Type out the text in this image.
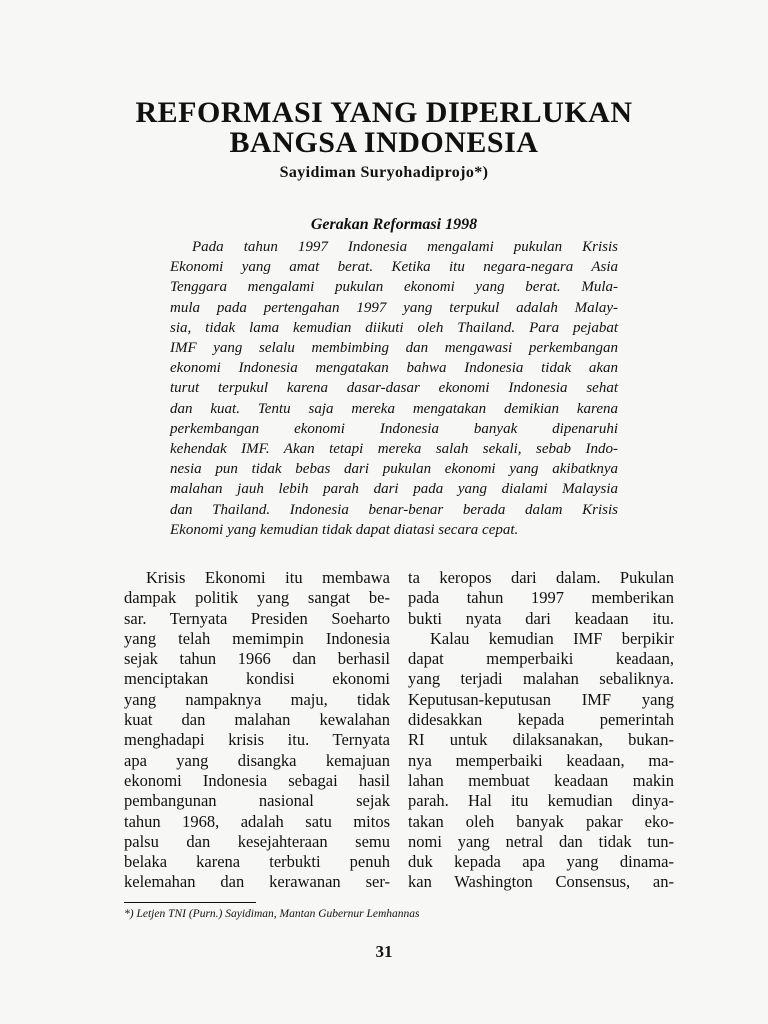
REFORMASI YANG DIPERLUKAN
BANGSA INDONESIA
Sayidiman Suryohadiprojo*)
Gerakan Reformasi 1998
Pada tahun 1997 Indonesia mengalami pukulan Krisis
Ekonomi yang amat berat. Ketika itu negara-negara Asia
Tenggara mengalami pukulan ekonomi yang berat. Mula-
mula pada pertengahan 1997 yang terpukul adalah Malay-
sia, tidak lama kemudian diikuti oleh Thailand. Para pejabat
IMF yang selalu membimbing dan mengawasi perkembangan
ekonomi Indonesia mengatakan bahwa Indonesia tidak akan
turut terpukul karena dasar-dasar ekonomi Indonesia sehat
dan kuat. Tentu saja mereka mengatakan demikian karena
perkembangan ekonomi Indonesia banyak dipenaruhi
kehendak IMF. Akan tetapi mereka salah sekali, sebab Indo-
nesia pun tidak bebas dari pukulan ekonomi yang akibatknya
malahan jauh lebih parah dari pada yang dialami Malaysia
dan Thailand. Indonesia benar-benar berada dalam Krisis
Ekonomi yang kemudian tidak dapat diatasi secara cepat.
Krisis Ekonomi itu membawa
dampak politik yang sangat be-
sar. Ternyata Presiden Soeharto
yang telah memimpin Indonesia
sejak tahun 1966 dan berhasil
menciptakan kondisi ekonomi
yang nampaknya maju, tidak
kuat dan malahan kewalahan
menghadapi krisis itu. Ternyata
apa yang disangka kemajuan
ekonomi Indonesia sebagai hasil
pembangunan nasional sejak
tahun 1968, adalah satu mitos
palsu dan kesejahteraan semu
belaka karena terbukti penuh
kelemahan dan kerawanan ser-
ta keropos dari dalam. Pukulan
pada tahun 1997 memberikan
bukti nyata dari keadaan itu.
Kalau kemudian IMF berpikir
dapat memperbaiki keadaan,
yang terjadi malahan sebaliknya.
Keputusan-keputusan IMF yang
didesakkan kepada pemerintah
RI untuk dilaksanakan, bukan-
nya memperbaiki keadaan, ma-
lahan membuat keadaan makin
parah. Hal itu kemudian dinya-
takan oleh banyak pakar eko-
nomi yang netral dan tidak tun-
duk kepada apa yang dinama-
kan Washington Consensus, an-
*) Letjen TNI (Purn.) Sayidiman, Mantan Gubernur Lemhannas
31
